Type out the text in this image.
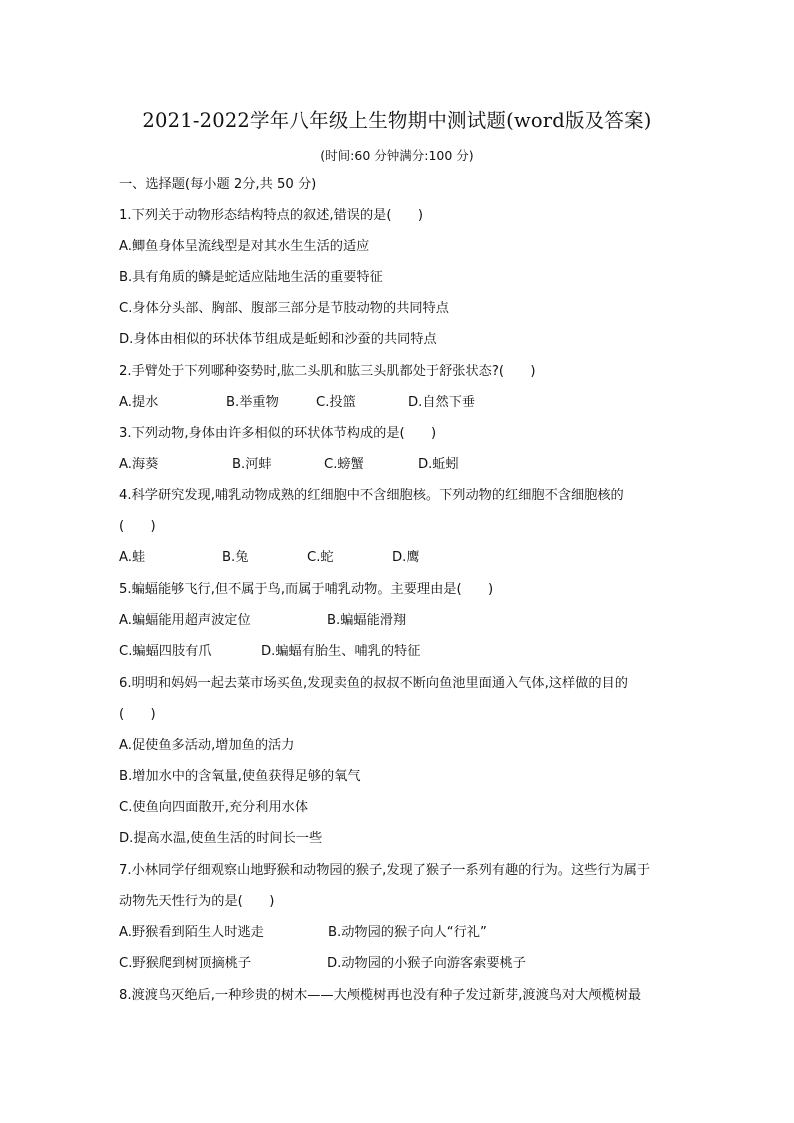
2021-2022学年八年级上生物期中测试题(word版及答案)
(时间:60 分钟满分:100 分)
一、选择题(每小题 2分,共 50 分)
1.下列关于动物形态结构特点的叙述,错误的是(　　)
A.鲫鱼身体呈流线型是对其水生生活的适应
B.具有角质的鳞是蛇适应陆地生活的重要特征
C.身体分头部、胸部、腹部三部分是节肢动物的共同特点
D.身体由相似的环状体节组成是蚯蚓和沙蚕的共同特点
2.手臂处于下列哪种姿势时,肱二头肌和肱三头肌都处于舒张状态?(　　)
A.提水	B.举重物	C.投篮	D.自然下垂
3.下列动物,身体由许多相似的环状体节构成的是(　　)
A.海葵	B.河蚌	C.螃蟹	D.蚯蚓
4.科学研究发现,哺乳动物成熟的红细胞中不含细胞核。下列动物的红细胞不含细胞核的
(　　)
A.蛙	B.兔	C.蛇	D.鹰
5.蝙蝠能够飞行,但不属于鸟,而属于哺乳动物。主要理由是(　　)
A.蝙蝠能用超声波定位	B.蝙蝠能滑翔
C.蝙蝠四肢有爪	D.蝙蝠有胎生、哺乳的特征
6.明明和妈妈一起去菜市场买鱼,发现卖鱼的叔叔不断向鱼池里面通入气体,这样做的目的
(　　)
A.促使鱼多活动,增加鱼的活力
B.增加水中的含氧量,使鱼获得足够的氧气
C.使鱼向四面散开,充分利用水体
D.提高水温,使鱼生活的时间长一些
7.小林同学仔细观察山地野猴和动物园的猴子,发现了猴子一系列有趣的行为。这些行为属于
动物先天性行为的是(　　)
A.野猴看到陌生人时逃走	B.动物园的猴子向人“行礼”
C.野猴爬到树顶摘桃子	D.动物园的小猴子向游客索要桃子
8.渡渡鸟灭绝后,一种珍贵的树木——大颅榄树再也没有种子发过新芽,渡渡鸟对大颅榄树最
